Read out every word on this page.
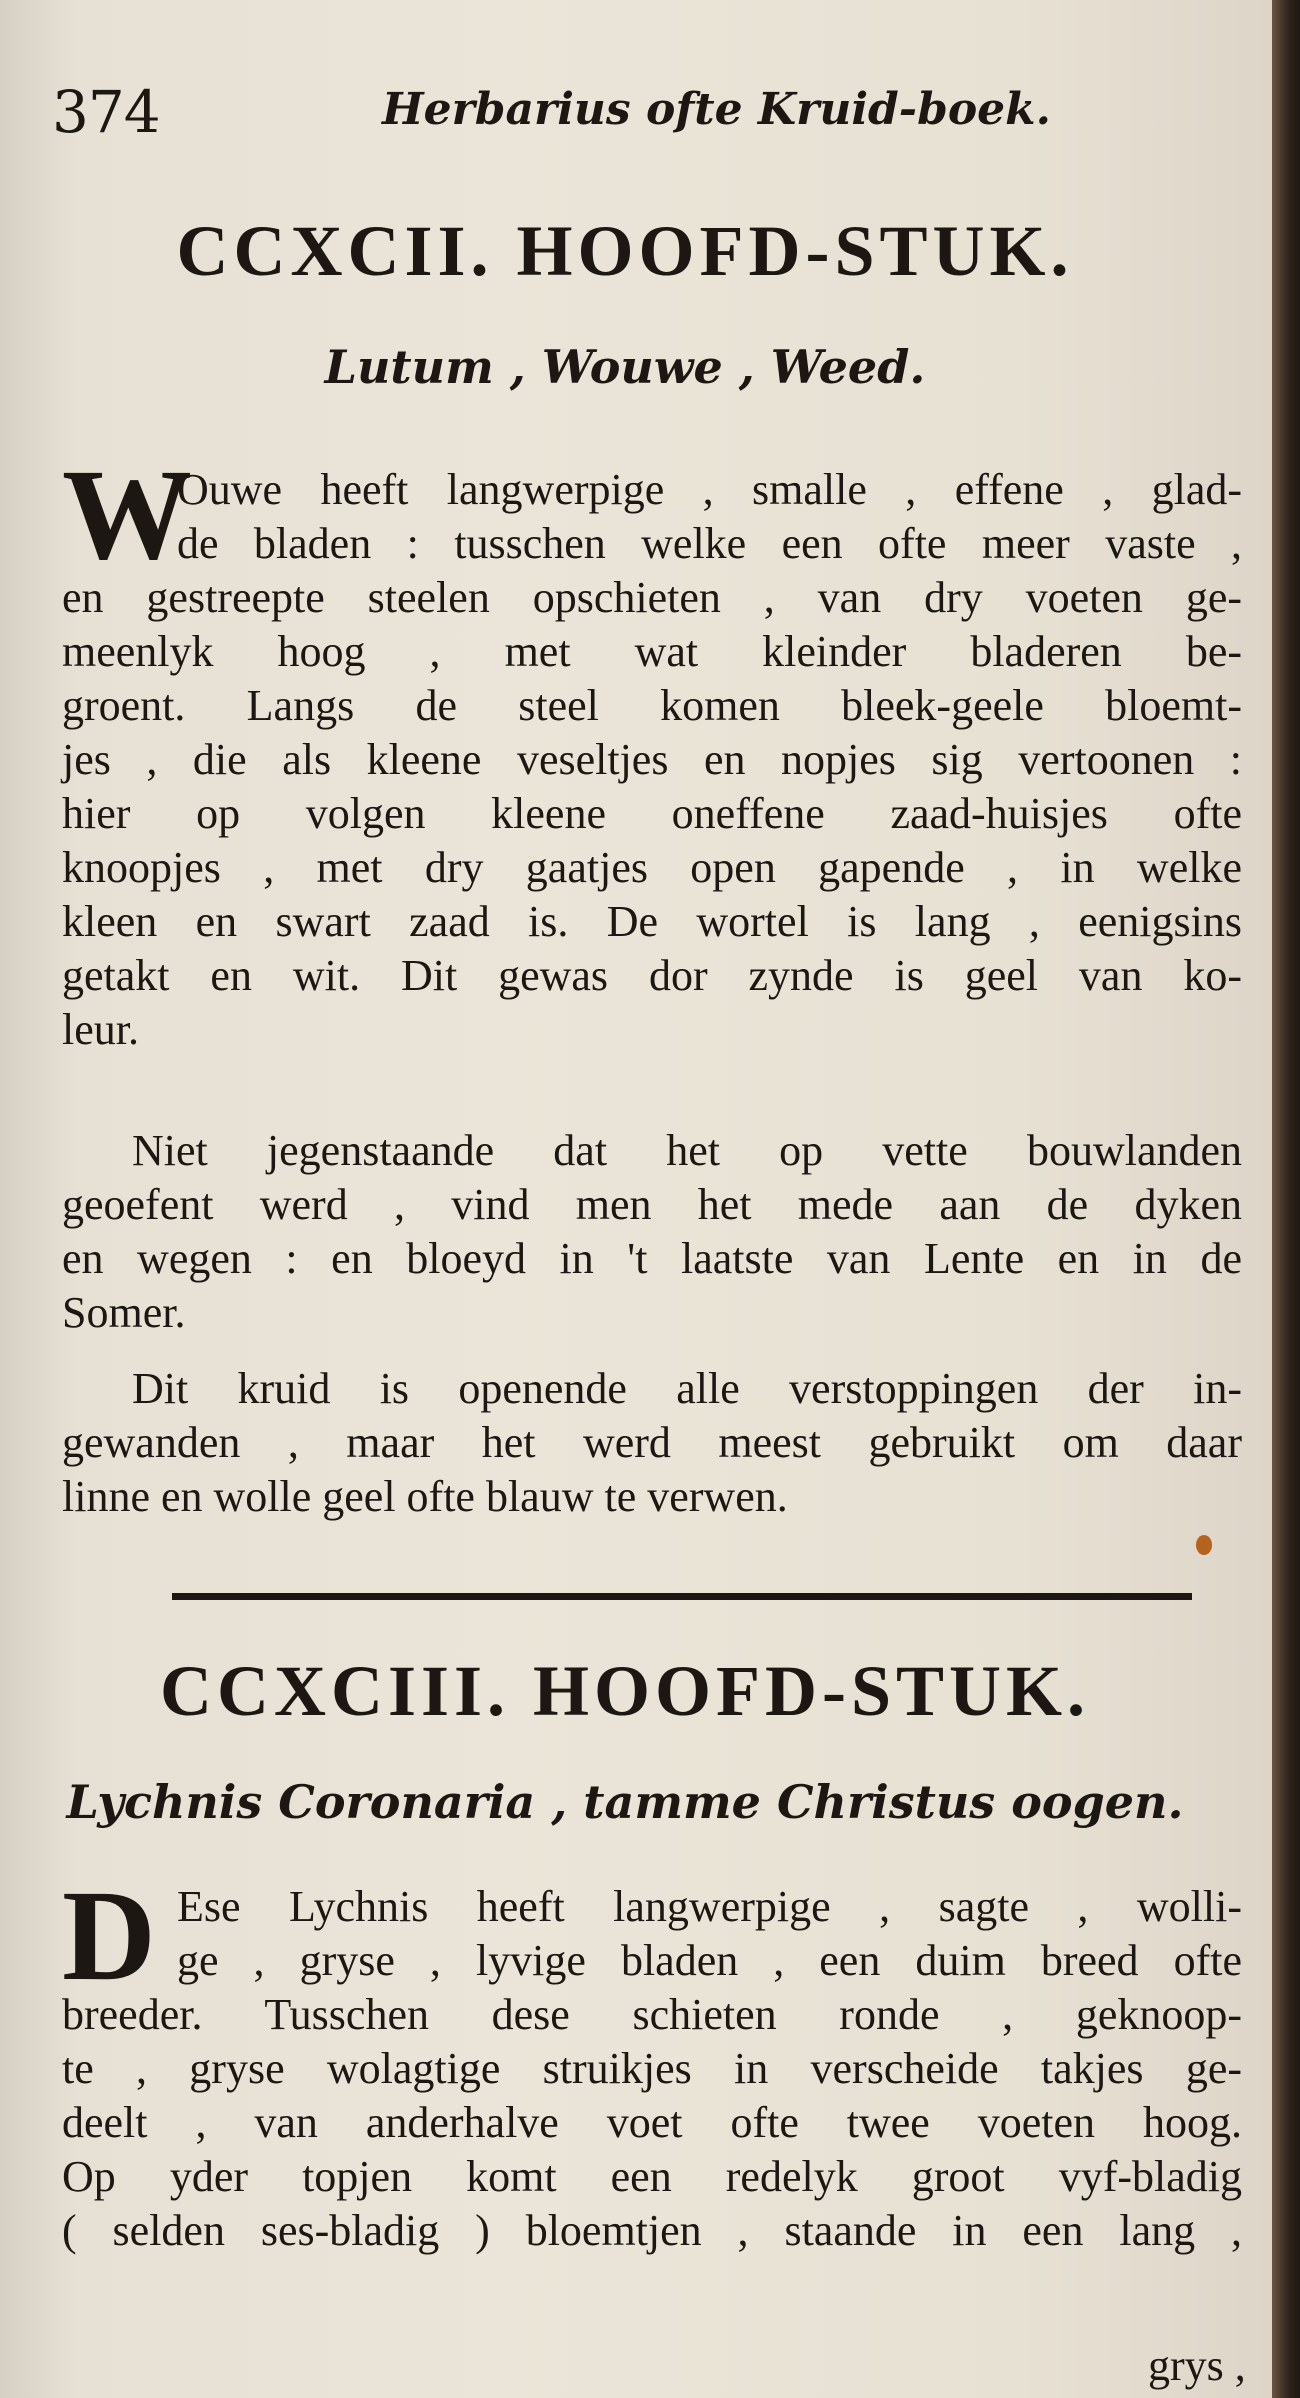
374	Herbarius ofte Kruid-boek.
CCXCII. HOOFD-STUK.
Lutum , Wouwe , Weed.
W
Ouwe heeft langwerpige , smalle , effene , glad-
de bladen : tusschen welke een ofte meer vaste ,
en gestreepte steelen opschieten , van dry voeten ge-
meenlyk hoog , met wat kleinder bladeren be-
groent. Langs de steel komen bleek-geele bloemt-
jes , die als kleene veseltjes en nopjes sig vertoonen :
hier op volgen kleene oneffene zaad-huisjes ofte
knoopjes , met dry gaatjes open gapende , in welke
kleen en swart zaad is. De wortel is lang , eenigsins
getakt en wit. Dit gewas dor zynde is geel van ko-
leur.
Niet jegenstaande dat het op vette bouwlanden
geoefent werd , vind men het mede aan de dyken
en wegen : en bloeyd in 't laatste van Lente en in de
Somer.
Dit kruid is openende alle verstoppingen der in-
gewanden , maar het werd meest gebruikt om daar
linne en wolle geel ofte blauw te verwen.
CCXCIII. HOOFD-STUK.
Lychnis Coronaria , tamme Christus oogen.
D Ese Lychnis heeft langwerpige , sagte , wolli-
ge , gryse , lyvige bladen , een duim breed ofte
breeder. Tusschen dese schieten ronde , geknoop-
te , gryse wolagtige struikjes in verscheide takjes ge-
deelt , van anderhalve voet ofte twee voeten hoog.
Op yder topjen komt een redelyk groot vyf-bladig
( selden ses-bladig ) bloemtjen , staande in een lang ,
grys ,
